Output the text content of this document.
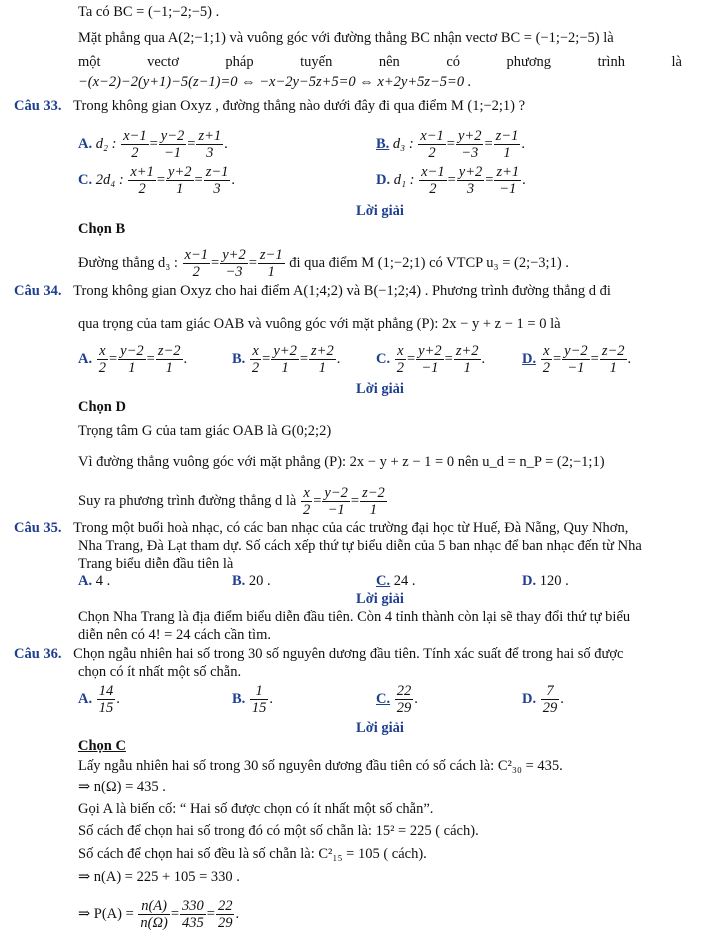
Ta có BC = (−1;−2;−5) .
Mặt phẳng qua A(2;−1;1) và vuông góc với đường thẳng BC nhận vectơ BC = (−1;−2;−5) là
một	vectơ	pháp	tuyến	nên	có	phương	trình	là
−(x−2)−2(y+1)−5(z−1)=0 ⇔ −x−2y−5z+5=0 ⇔ x+2y+5z−5=0 .
Câu 33. Trong không gian Oxyz , đường thẳng nào dưới đây đi qua điểm M (1;−2;1) ?
A. d₂ : $\frac{x-1}{2} = \frac{y-2}{-1} = \frac{z+1}{3}$ .	B. d₃ : $\frac{x-1}{2} = \frac{y+2}{-3} = \frac{z-1}{1}$ .
C. 2d₄ : $\frac{x+1}{2} = \frac{y+2}{1} = \frac{z-1}{3}$ .	D. d₁ : $\frac{x-1}{2} = \frac{y+2}{3} = \frac{z+1}{-1}$ .
Lời giải
Chọn B
Đường thẳng d₃ : $\frac{x-1}{2} = \frac{y+2}{-3} = \frac{z-1}{1}$ đi qua điểm M (1;−2;1) có VTCP u₃ = (2;−3;1) .
Câu 34. Trong không gian Oxyz cho hai điểm A(1;4;2) và B(−1;2;4) . Phương trình đường thẳng d đi
qua trọng của tam giác OAB và vuông góc với mặt phẳng (P): 2x − y + z − 1 = 0 là
A. $\frac{x}{2} = \frac{y-2}{1} = \frac{z-2}{1}$ .	B. $\frac{x}{2} = \frac{y+2}{1} = \frac{z+2}{1}$ . C. $\frac{x}{2} = \frac{y+2}{-1} = \frac{z+2}{1}$ .	D. $\frac{x}{2} = \frac{y-2}{-1} = \frac{z-2}{1}$ .
Lời giải
Chọn D
Trọng tâm G của tam giác OAB là G(0;2;2)
Vì đường thẳng vuông góc với mặt phẳng (P): 2x − y + z − 1 = 0 nên u_d = n_P = (2;−1;1)
Suy ra phương trình đường thẳng d là $\frac{x}{2} = \frac{y-2}{-1} = \frac{z-2}{1}$
Câu 35. Trong một buổi hoà nhạc, có các ban nhạc của các trường đại học từ Huế, Đà Nẵng, Quy Nhơn,
Nha Trang, Đà Lạt tham dự. Số cách xếp thứ tự biểu diễn của 5 ban nhạc để ban nhạc đến từ Nha
Trang biểu diễn đầu tiên là
A. 4 .	B. 20 .	C. 24 .	D. 120 .
Lời giải
Chọn Nha Trang là địa điểm biểu diễn đầu tiên. Còn 4 tỉnh thành còn lại sẽ thay đổi thứ tự biểu
diễn nên có 4! = 24 cách cần tìm.
Câu 36. Chọn ngẫu nhiên hai số trong 30 số nguyên dương đầu tiên. Tính xác suất để trong hai số được
chọn có ít nhất một số chẵn.
A. $\frac{14}{15}$ .	B. $\frac{1}{15}$ .	C. $\frac{22}{29}$ .	D. $\frac{7}{29}$ .
Lời giải
Chọn C
Lấy ngẫu nhiên hai số trong 30 số nguyên dương đầu tiên có số cách là: C²₃₀ = 435.
⇒ n(Ω) = 435 .
Gọi A là biến cố: “ Hai số được chọn có ít nhất một số chẵn”.
Số cách để chọn hai số trong đó có một số chẵn là: 15² = 225 ( cách).
Số cách để chọn hai số đều là số chẵn là: C²₁₅ = 105 ( cách).
⇒ n(A) = 225 + 105 = 330 .
⇒ $P(A) = \frac{n(A)}{n(\Omega)} = \frac{330}{435} = \frac{22}{29}$ .
